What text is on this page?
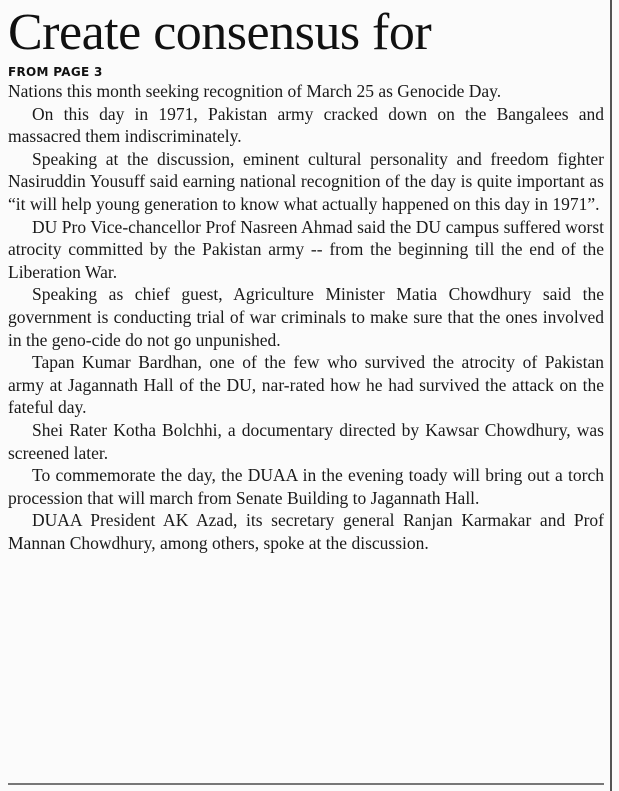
Create consensus for
FROM PAGE 3

Nations this month seeking recognition of March 25 as Genocide Day.

On this day in 1971, Pakistan army cracked down on the Bangalees and massacred them indiscriminately.

Speaking at the discussion, eminent cultural personality and freedom fighter Nasiruddin Yousuff said earning national recognition of the day is quite important as “it will help young generation to know what actually happened on this day in 1971”.

DU Pro Vice-chancellor Prof Nasreen Ahmad said the DU campus suffered worst atrocity committed by the Pakistan army -- from the beginning till the end of the Liberation War.

Speaking as chief guest, Agriculture Minister Matia Chowdhury said the government is conducting trial of war criminals to make sure that the ones involved in the geno-cide do not go unpunished.

Tapan Kumar Bardhan, one of the few who survived the atrocity of Pakistan army at Jagannath Hall of the DU, nar-rated how he had survived the attack on the fateful day.

Shei Rater Kotha Bolchhi, a documentary directed by Kawsar Chowdhury, was screened later.

To commemorate the day, the DUAA in the evening toady will bring out a torch procession that will march from Senate Building to Jagannath Hall.

DUAA President AK Azad, its secretary general Ranjan Karmakar and Prof Mannan Chowdhury, among others, spoke at the discussion.
